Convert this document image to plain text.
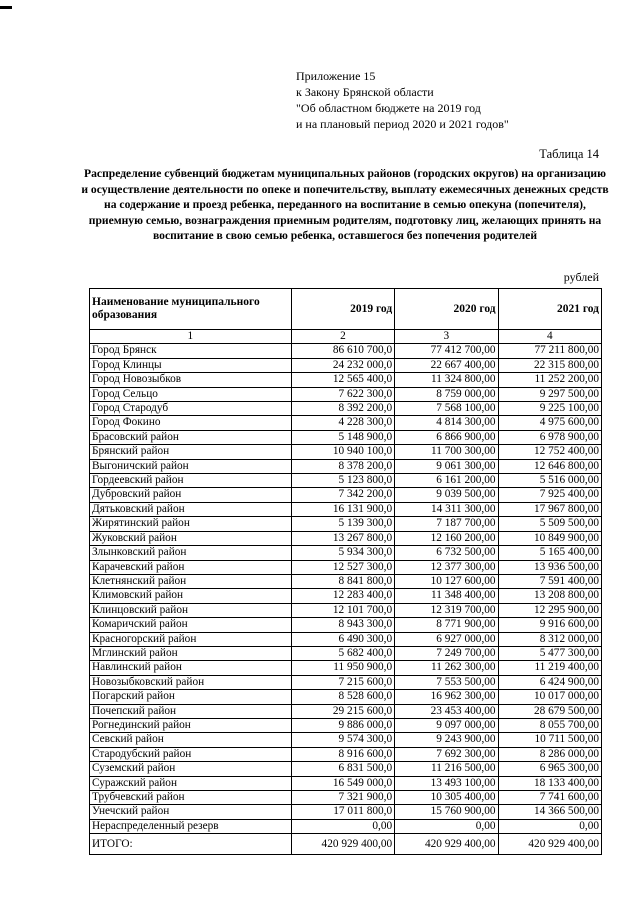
Приложение 15
к Закону Брянской области
"Об областном бюджете на 2019 год
и на плановый период 2020 и 2021 годов"
Таблица 14
Распределение субвенций бюджетам муниципальных районов (городских округов) на организацию и осуществление деятельности по опеке и попечительству, выплату ежемесячных денежных средств на содержание и проезд ребенка, переданного на воспитание в семью опекуна (попечителя), приемную семью, вознаграждения приемным родителям, подготовку лиц, желающих принять на воспитание в свою семью ребенка, оставшегося без попечения родителей
рублей
Наименование муниципального образования	2019 год	2020 год	2021 год
1	2	3	4
Город Брянск	86 610 700,0	77 412 700,00	77 211 800,00
Город Клинцы	24 232 000,0	22 667 400,00	22 315 800,00
Город Новозыбков	12 565 400,0	11 324 800,00	11 252 200,00
Город Сельцо	7 622 300,0	8 759 000,00	9 297 500,00
Город Стародуб	8 392 200,0	7 568 100,00	9 225 100,00
Город Фокино	4 228 300,0	4 814 300,00	4 975 600,00
Брасовский район	5 148 900,0	6 866 900,00	6 978 900,00
Брянский район	10 940 100,0	11 700 300,00	12 752 400,00
Выгоничский район	8 378 200,0	9 061 300,00	12 646 800,00
Гордеевский район	5 123 800,0	6 161 200,00	5 516 000,00
Дубровский район	7 342 200,0	9 039 500,00	7 925 400,00
Дятьковский район	16 131 900,0	14 311 300,00	17 967 800,00
Жирятинский район	5 139 300,0	7 187 700,00	5 509 500,00
Жуковский район	13 267 800,0	12 160 200,00	10 849 900,00
Злынковский район	5 934 300,0	6 732 500,00	5 165 400,00
Карачевский район	12 527 300,0	12 377 300,00	13 936 500,00
Клетнянский район	8 841 800,0	10 127 600,00	7 591 400,00
Климовский район	12 283 400,0	11 348 400,00	13 208 800,00
Клинцовский район	12 101 700,0	12 319 700,00	12 295 900,00
Комаричский район	8 943 300,0	8 771 900,00	9 916 600,00
Красногорский район	6 490 300,0	6 927 000,00	8 312 000,00
Мглинский район	5 682 400,0	7 249 700,00	5 477 300,00
Навлинский район	11 950 900,0	11 262 300,00	11 219 400,00
Новозыбковский район	7 215 600,0	7 553 500,00	6 424 900,00
Погарский район	8 528 600,0	16 962 300,00	10 017 000,00
Почепский район	29 215 600,0	23 453 400,00	28 679 500,00
Рогнединский район	9 886 000,0	9 097 000,00	8 055 700,00
Севский район	9 574 300,0	9 243 900,00	10 711 500,00
Стародубский район	8 916 600,0	7 692 300,00	8 286 000,00
Суземский район	6 831 500,0	11 216 500,00	6 965 300,00
Суражский район	16 549 000,0	13 493 100,00	18 133 400,00
Трубчевский район	7 321 900,0	10 305 400,00	7 741 600,00
Унечский район	17 011 800,0	15 760 900,00	14 366 500,00
Нераспределенный резерв	0,00	0,00	0,00
ИТОГО:	420 929 400,00	420 929 400,00	420 929 400,00
